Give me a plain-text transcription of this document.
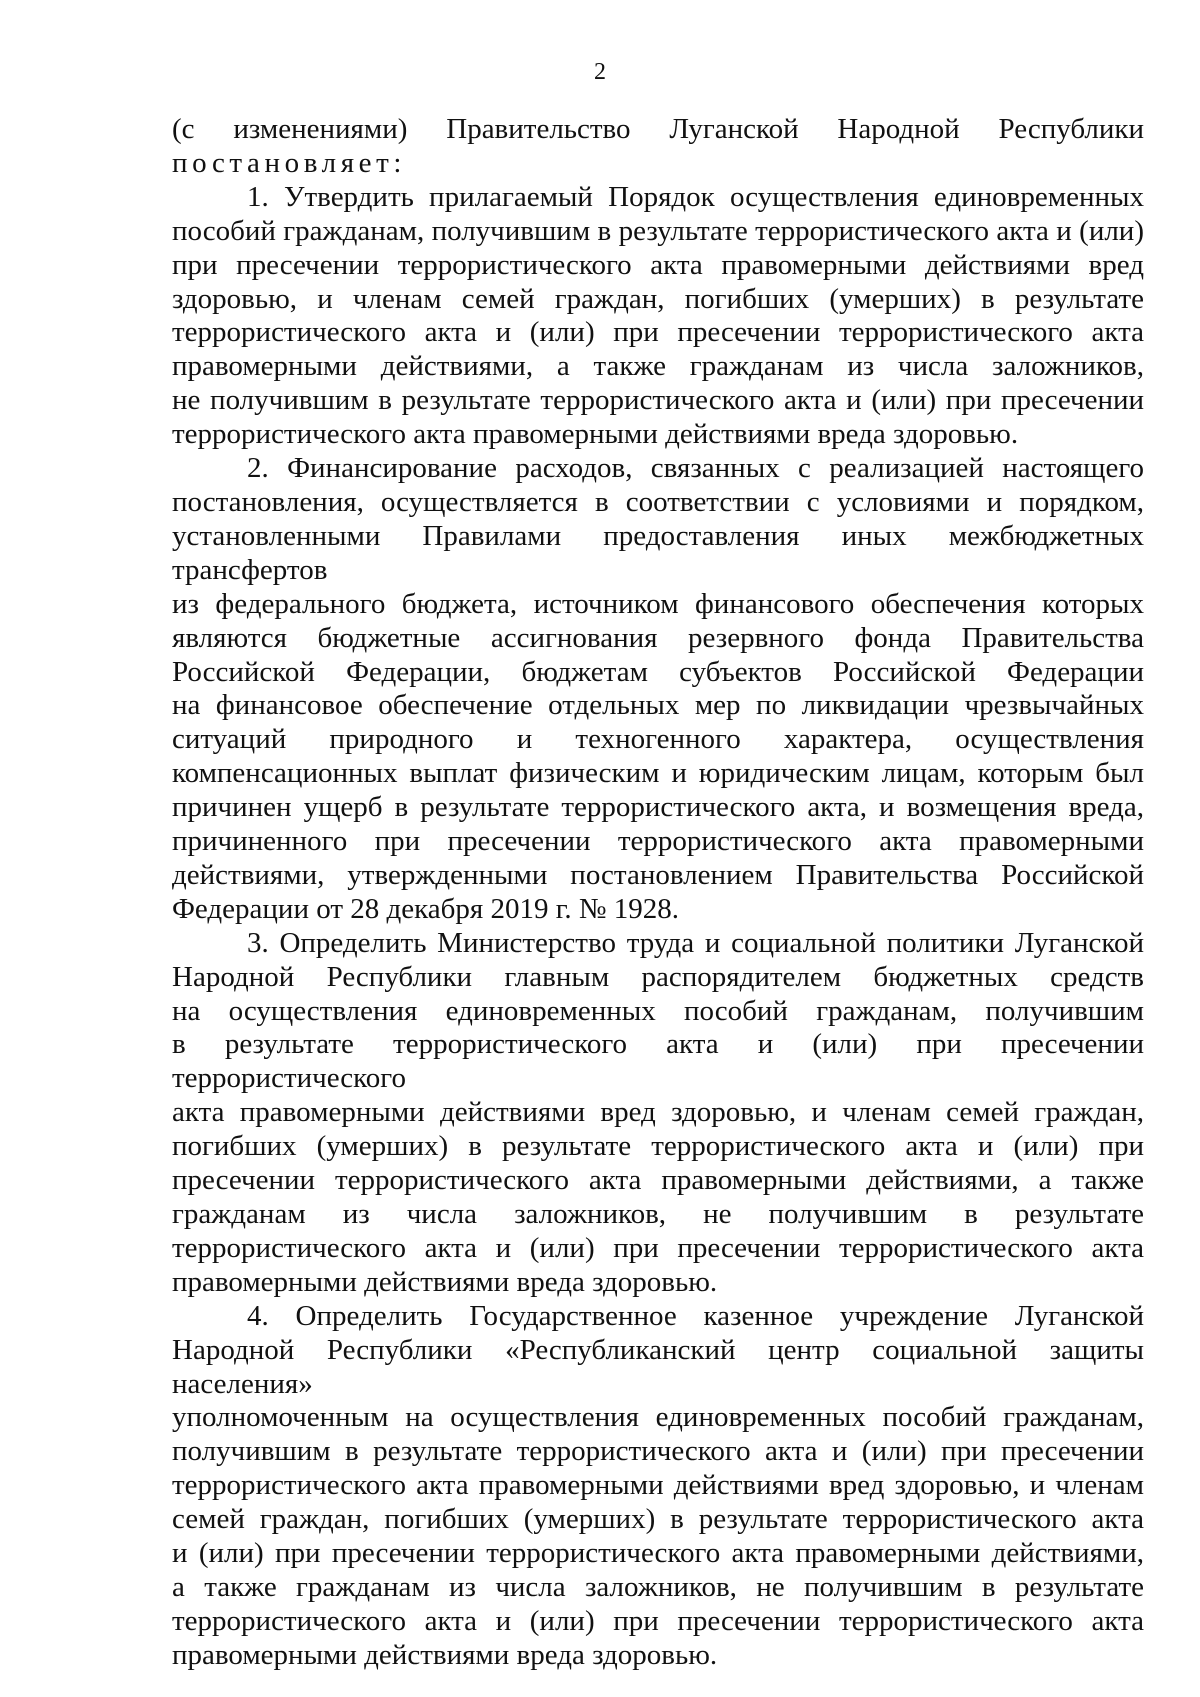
2
(с изменениями) Правительство Луганской Народной Республики
постановляет:
1. Утвердить прилагаемый Порядок осуществления единовременных
пособий гражданам, получившим в результате террористического акта и (или)
при пресечении террористического акта правомерными действиями вред
здоровью, и членам семей граждан, погибших (умерших) в результате
террористического акта и (или) при пресечении террористического акта
правомерными действиями, а также гражданам из числа заложников,
не получившим в результате террористического акта и (или) при пресечении
террористического акта правомерными действиями вреда здоровью.
2. Финансирование расходов, связанных с реализацией настоящего
постановления, осуществляется в соответствии с условиями и порядком,
установленными Правилами предоставления иных межбюджетных трансфертов
из федерального бюджета, источником финансового обеспечения которых
являются бюджетные ассигнования резервного фонда Правительства
Российской Федерации, бюджетам субъектов Российской Федерации
на финансовое обеспечение отдельных мер по ликвидации чрезвычайных
ситуаций природного и техногенного характера, осуществления
компенсационных выплат физическим и юридическим лицам, которым был
причинен ущерб в результате террористического акта, и возмещения вреда,
причиненного при пресечении террористического акта правомерными
действиями, утвержденными постановлением Правительства Российской
Федерации от 28 декабря 2019 г. № 1928.
3. Определить Министерство труда и социальной политики Луганской
Народной Республики главным распорядителем бюджетных средств
на осуществления единовременных пособий гражданам, получившим
в результате террористического акта и (или) при пресечении террористического
акта правомерными действиями вред здоровью, и членам семей граждан,
погибших (умерших) в результате террористического акта и (или) при
пресечении террористического акта правомерными действиями, а также
гражданам из числа заложников, не получившим в результате
террористического акта и (или) при пресечении террористического акта
правомерными действиями вреда здоровью.
4. Определить Государственное казенное учреждение Луганской
Народной Республики «Республиканский центр социальной защиты населения»
уполномоченным на осуществления единовременных пособий гражданам,
получившим в результате террористического акта и (или) при пресечении
террористического акта правомерными действиями вред здоровью, и членам
семей граждан, погибших (умерших) в результате террористического акта
и (или) при пресечении террористического акта правомерными действиями,
а также гражданам из числа заложников, не получившим в результате
террористического акта и (или) при пресечении террористического акта
правомерными действиями вреда здоровью.
